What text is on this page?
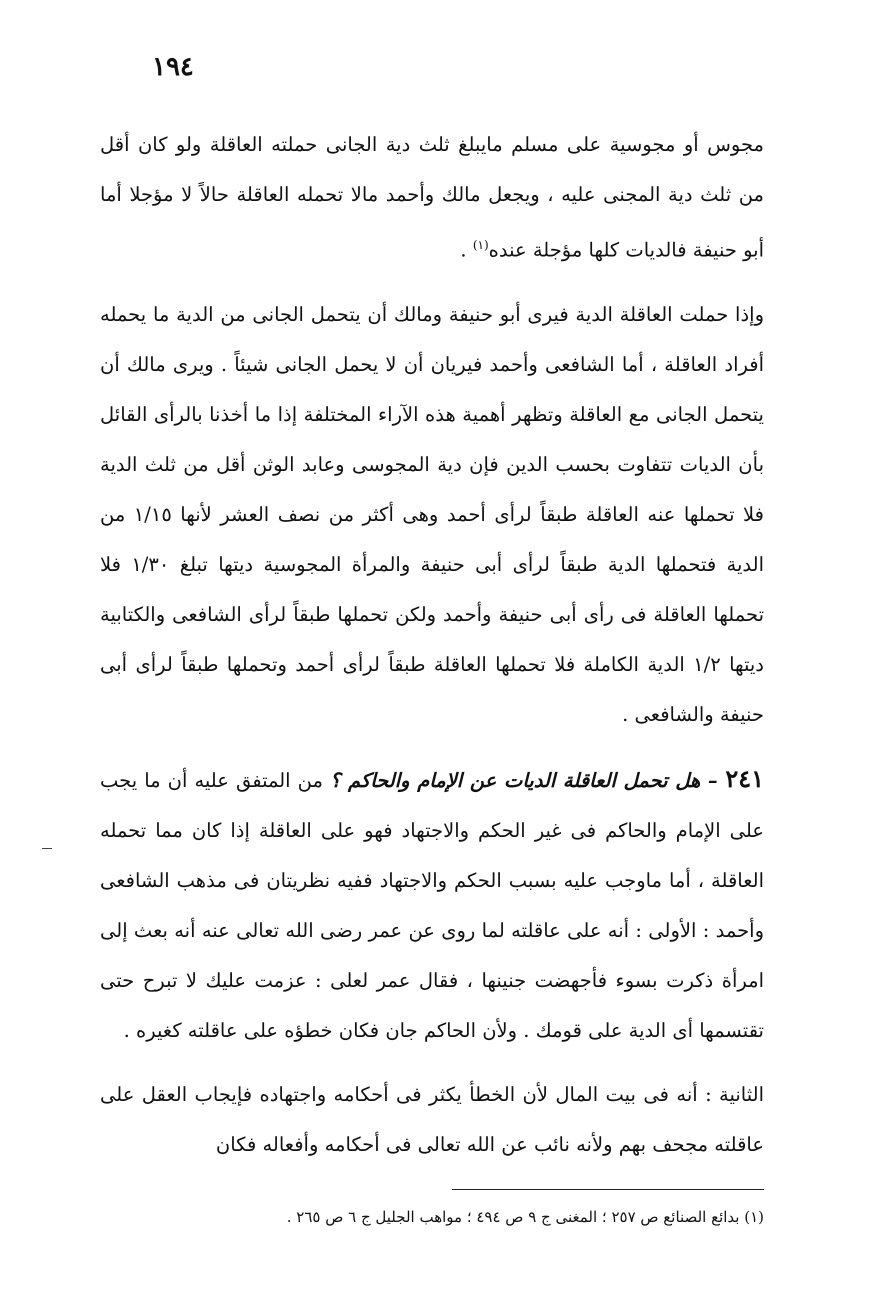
١٩٤

مجوس أو مجوسية على مسلم مايبلغ ثلث دية الجانى حملته العاقلة ولو كان أقل من ثلث دية المجنى عليه ، ويجعل مالك وأحمد مالا تحمله العاقلة حالاً لا مؤجلا أما أبو حنيفة فالديات كلها مؤجلة عنده$^{(١)}$ .

وإذا حملت العاقلة الدية فيرى أبو حنيفة ومالك أن يتحمل الجانى من الدية ما يحمله أفراد العاقلة ، أما الشافعى وأحمد فيريان أن لا يحمل الجانى شيئاً . ويرى مالك أن يتحمل الجانى مع العاقلة وتظهر أهمية هذه الآراء المختلفة إذا ما أخذنا بالرأى القائل بأن الديات تتفاوت بحسب الدين فإن دية المجوسى وعابد الوثن أقل من ثلث الدية فلا تحملها عنه العاقلة طبقاً لرأى أحمد وهى أكثر من نصف العشر لأنها ١/١٥ من الدية فتحملها الدية طبقاً لرأى أبى حنيفة والمرأة المجوسية ديتها تبلغ ١/٣٠ فلا تحملها العاقلة فى رأى أبى حنيفة وأحمد ولكن تحملها طبقاً لرأى الشافعى والكتابية ديتها ١/٢ الدية الكاملة فلا تحملها العاقلة طبقاً لرأى أحمد وتحملها طبقاً لرأى أبى حنيفة والشافعى .

٢٤١ – هل تحمل العاقلة الديات عن الإمام والحاكم ؟ من المتفق عليه أن ما يجب على الإمام والحاكم فى غير الحكم والاجتهاد فهو على العاقلة إذا كان مما تحمله العاقلة ، أما ماوجب عليه بسبب الحكم والاجتهاد ففيه نظريتان فى مذهب الشافعى وأحمد : الأولى : أنه على عاقلته لما روى عن عمر رضى الله تعالى عنه أنه بعث إلى امرأة ذكرت بسوء فأجهضت جنينها ، فقال عمر لعلى : عزمت عليك لا تبرح حتى تقتسمها أى الدية على قومك . ولأن الحاكم جان فكان خطؤه على عاقلته كغيره .

الثانية : أنه فى بيت المال لأن الخطأ يكثر فى أحكامه واجتهاده فإيجاب العقل على عاقلته مجحف بهم ولأنه نائب عن الله تعالى فى أحكامه وأفعاله فكان

(١) بدائع الصنائع ص ٢٥٧ ؛ المغنى ج ٩ ص ٤٩٤ ؛ مواهب الجليل ج ٦ ص ٢٦٥ .
